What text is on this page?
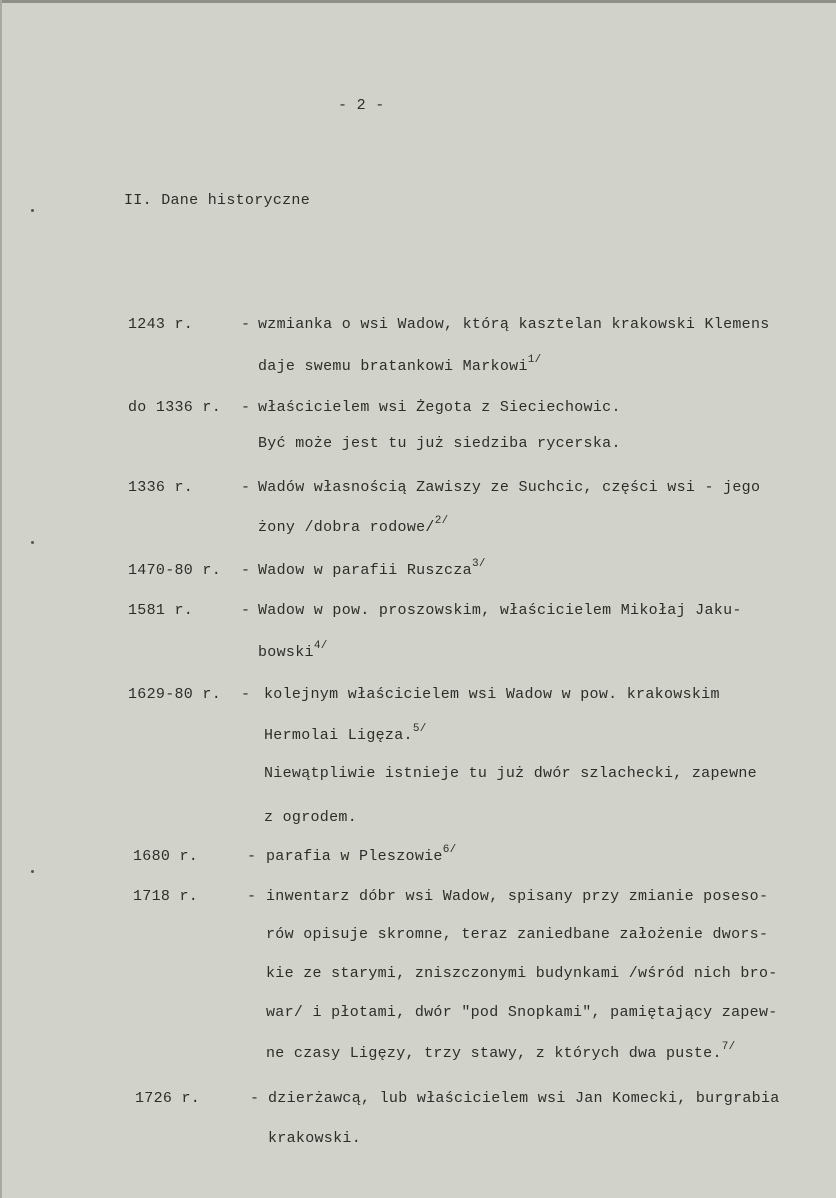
- 2 -
II. Dane historyczne
1243 r.	- wzmianka o wsi Wadow, którą kasztelan krakowski Klemens
daje swemu bratankowi Markowi$^{1/}$
do 1336 r. - właścicielem wsi Żegota z Sieciechowic.
Być może jest tu już siedziba rycerska.
1336 r.	- Wadów własnością Zawiszy ze Suchcic, części wsi - jego
żony /dobra rodowe/$^{2/}$
1470-80 r. - Wadow w parafii Ruszcza$^{3/}$
1581 r.	- Wadow w pow. proszowskim, właścicielem Mikołaj Jaku-
bowski$^{4/}$
1629-80 r. - kolejnym właścicielem wsi Wadow w pow. krakowskim
Hermolai Ligęza.$^{5/}$
Niewątpliwie istnieje tu już dwór szlachecki, zapewne
z ogrodem.
1680 r.	- parafia w Pleszowie$^{6/}$
1718 r.	- inwentarz dóbr wsi Wadow, spisany przy zmianie poseso-
rów opisuje skromne, teraz zaniedbane założenie dwors-
kie ze starymi, zniszczonymi budynkami /wśród nich bro-
war/ i płotami, dwór "pod Snopkami", pamiętający zapew-
ne czasy Ligęzy, trzy stawy, z których dwa puste.$^{7/}$
1726 r.	- dzierżawcą, lub właścicielem wsi Jan Komecki, burgrabia
krakowski.
